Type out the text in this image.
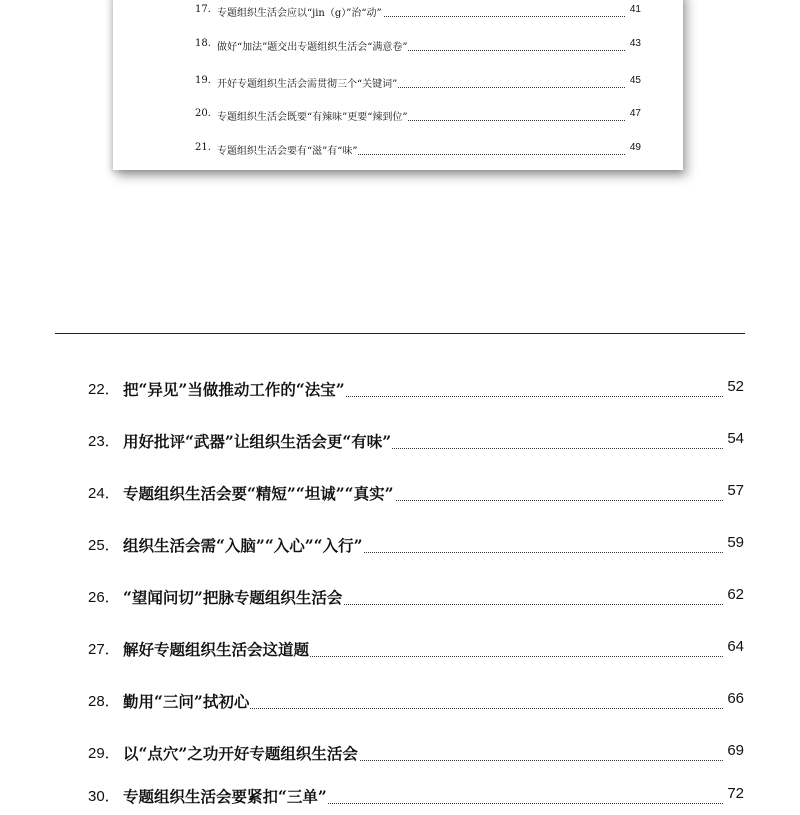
17. 专题组织生活会应以“jin（g）”治“动”	41
18. 做好“加法”题交出专题组织生活会“满意卷”	43
19. 开好专题组织生活会需贯彻三个“关键词”	45
20. 专题组织生活会既要“有辣味”更要“辣到位”	47
21. 专题组织生活会要有“滋”有“味”	49
22． 把“异见”当做推动工作的“法宝”	52
23． 用好批评“武器”让组织生活会更“有味”	54
24． 专题组织生活会要“精短”“坦诚”“真实”	57
25． 组织生活会需“入脑”“入心”“入行”	59
26． “望闻问切”把脉专题组织生活会	62
27． 解好专题组织生活会这道题	64
28． 勤用“三问”拭初心	66
29． 以“点穴”之功开好专题组织生活会	69
30． 专题组织生活会要紧扣“三单”	72
